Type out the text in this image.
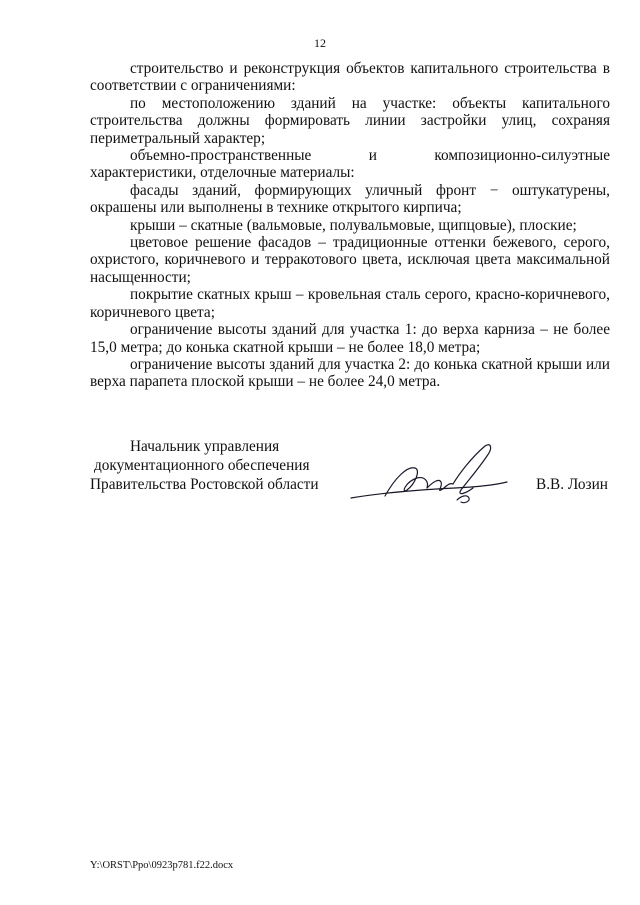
12

строительство и реконструкция объектов капитального строительства в соответствии с ограничениями:

по местоположению зданий на участке: объекты капитального строительства должны формировать линии застройки улиц, сохраняя периметральный характер;

объемно-пространственные и композиционно-силуэтные характеристики, отделочные материалы:

фасады зданий, формирующих уличный фронт − оштукатурены, окрашены или выполнены в технике открытого кирпича;

крыши – скатные (вальмовые, полувальмовые, щипцовые), плоские;

цветовое решение фасадов – традиционные оттенки бежевого, серого, охристого, коричневого и терракотового цвета, исключая цвета максимальной насыщенности;

покрытие скатных крыш – кровельная сталь серого, красно-коричневого, коричневого цвета;

ограничение высоты зданий для участка 1: до верха карниза – не более 15,0 метра; до конька скатной крыши – не более 18,0 метра;

ограничение высоты зданий для участка 2: до конька скатной крыши или верха парапета плоской крыши – не более 24,0 метра.

Начальник управления
документационного обеспечения
Правительства Ростовской области	В.В. Лозин
Y:\ORST\Ppo\0923p781.f22.docx
